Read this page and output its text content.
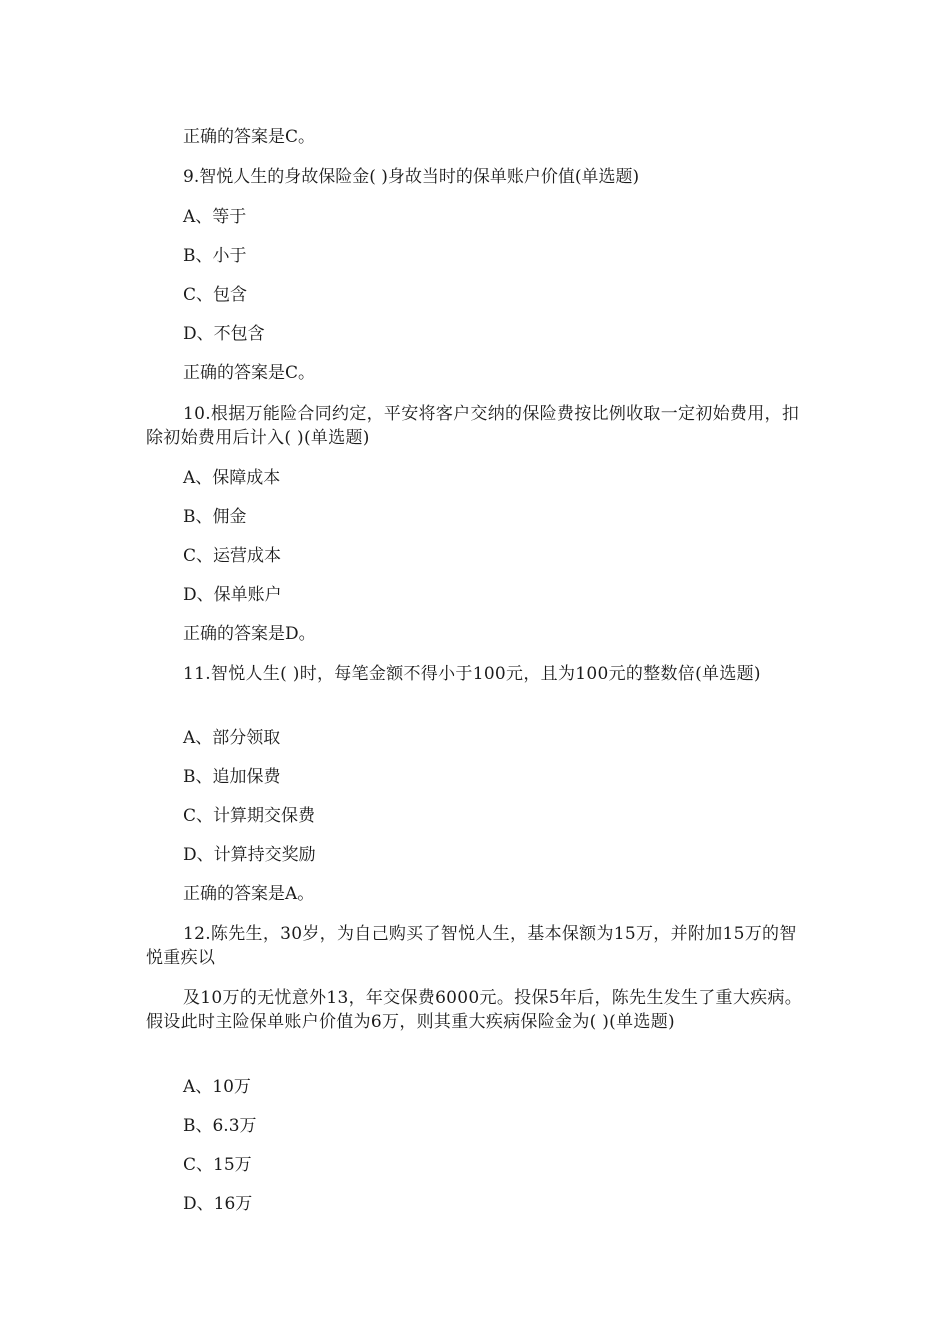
正确的答案是C。
9.智悦人生的身故保险金( )身故当时的保单账户价值(单选题)
A、等于
B、小于
C、包含
D、不包含
正确的答案是C。
10.根据万能险合同约定，平安将客户交纳的保险费按比例收取一定初始费用，扣除初始费用后计入( )(单选题)
A、保障成本
B、佣金
C、运营成本
D、保单账户
正确的答案是D。
11.智悦人生( )时，每笔金额不得小于100元，且为100元的整数倍(单选题)
A、部分领取
B、追加保费
C、计算期交保费
D、计算持交奖励
正确的答案是A。
12.陈先生，30岁，为自己购买了智悦人生，基本保额为15万，并附加15万的智悦重疾以
及10万的无忧意外13，年交保费6000元。投保5年后，陈先生发生了重大疾病。假设此时主险保单账户价值为6万，则其重大疾病保险金为( )(单选题)
A、10万
B、6.3万
C、15万
D、16万
